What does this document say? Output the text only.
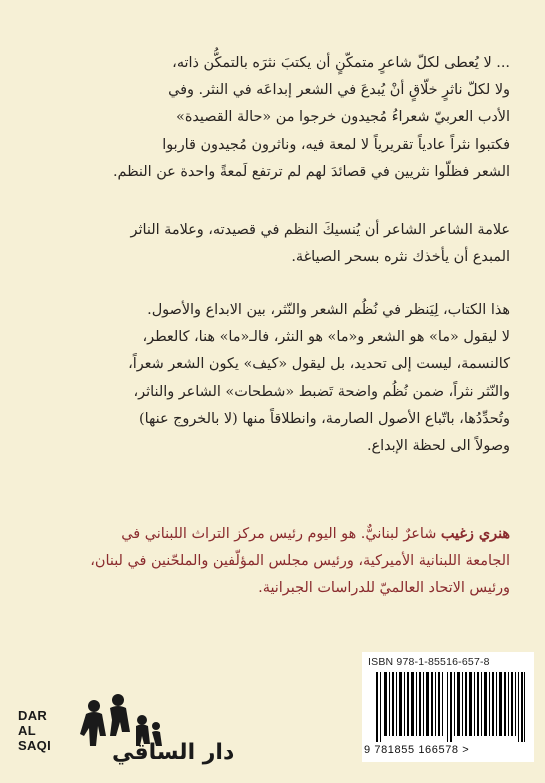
... لا يُعطى لكلّ شاعرٍ متمكّنٍ أن يكتبَ نثرَه بالتمكُّن ذاته،
ولا لكلّ ناثرٍ خلّاقٍ أنْ يُبدعَ في الشعر إبداعَه في النثر. وفي
الأدب العربيّ شعراءُ مُجيدون خرجوا من «حالة القصيدة»
فكتبوا نثراً عادياً تقريرياً لا لمعة فيه، وناثرون مُجيدون قاربوا
الشعر فظلّوا نثريين في قصائدَ لهم لم ترتفع لَمعةً واحدة عن النظم.
علامة الشاعر الشاعر أن يُنسيكَ النظم في قصيدته، وعلامة الناثر
المبدع أن يأخذك نثره بسحر الصياغة.
هذا الكتاب، لِيَنظر في نُظُم الشعر والنّثر، بين الابداع والأصول.
لا ليقول «ما» هو الشعر و«ما» هو النثر، فالـ«ما» هنا، كالعطر،
كالنسمة، ليست إلى تحديد، بل ليقول «كيف» يكون الشعر شعراً،
والنّثر نثراً، ضمن نُظُم واضحة تَضبط «شطحات» الشاعر والناثر،
وتُحدِّدُها، باتّباع الأصول الصارمة، وانطلاقاً منها (لا بالخروج عنها)
وصولاً الى لحظة الإبداع.
هنري زغيب شاعرٌ لبنانيٌّ. هو اليوم رئيس مركز التراث اللبناني في
الجامعة اللبنانية الأميركية، ورئيس مجلس المؤلّفين والملحّنين في لبنان،
ورئيس الاتحاد العالميّ للدراسات الجبرانية.
DAR AL SAQI
ISBN 978-1-85516-657-8
9 781855 166578 >
دار الساقي
